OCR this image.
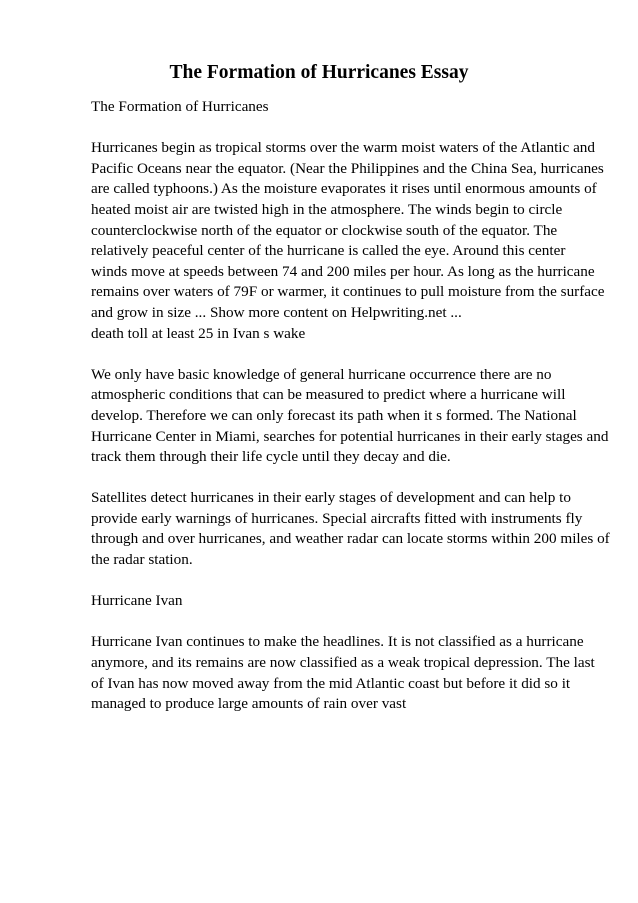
The Formation of Hurricanes Essay
The Formation of Hurricanes
Hurricanes begin as tropical storms over the warm moist waters of the Atlantic and
Pacific Oceans near the equator. (Near the Philippines and the China Sea, hurricanes
are called typhoons.) As the moisture evaporates it rises until enormous amounts of
heated moist air are twisted high in the atmosphere. The winds begin to circle
counterclockwise north of the equator or clockwise south of the equator. The
relatively peaceful center of the hurricane is called the eye. Around this center
winds move at speeds between 74 and 200 miles per hour. As long as the hurricane
remains over waters of 79F or warmer, it continues to pull moisture from the surface
and grow in size ... Show more content on Helpwriting.net ...
death toll at least 25 in Ivan s wake
We only have basic knowledge of general hurricane occurrence there are no
atmospheric conditions that can be measured to predict where a hurricane will
develop. Therefore we can only forecast its path when it s formed. The National
Hurricane Center in Miami, searches for potential hurricanes in their early stages and
track them through their life cycle until they decay and die.
Satellites detect hurricanes in their early stages of development and can help to
provide early warnings of hurricanes. Special aircrafts fitted with instruments fly
through and over hurricanes, and weather radar can locate storms within 200 miles of
the radar station.
Hurricane Ivan
Hurricane Ivan continues to make the headlines. It is not classified as a hurricane
anymore, and its remains are now classified as a weak tropical depression. The last
of Ivan has now moved away from the mid Atlantic coast but before it did so it
managed to produce large amounts of rain over vast
